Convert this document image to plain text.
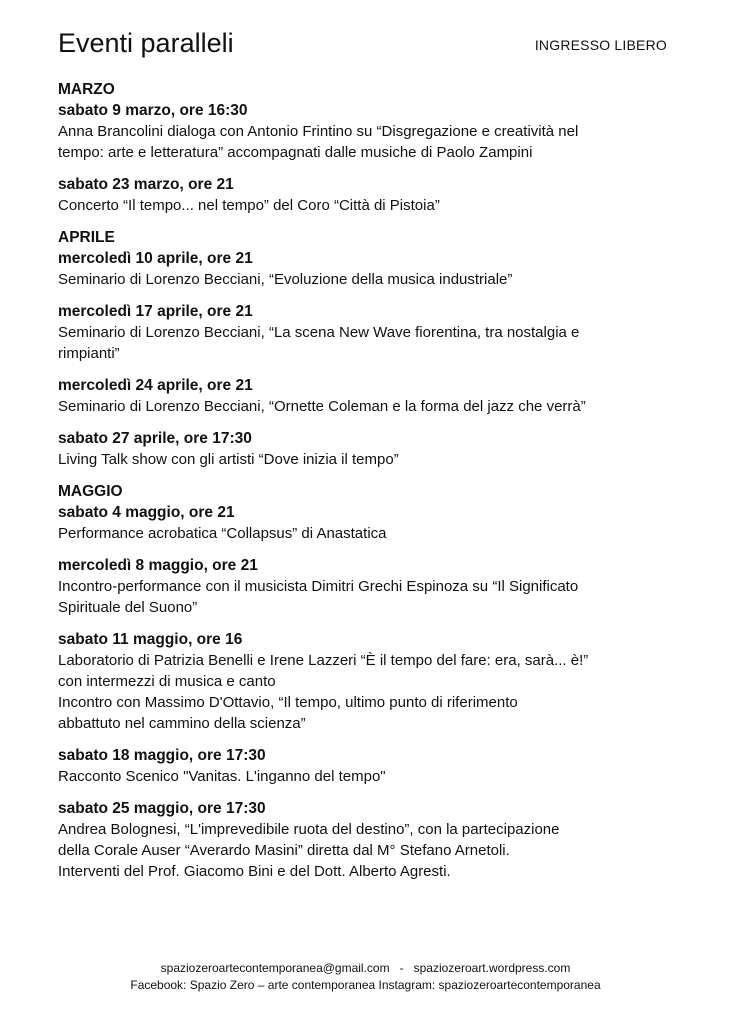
Eventi paralleli	INGRESSO LIBERO
MARZO
sabato 9 marzo, ore 16:30
Anna Brancolini dialoga con Antonio Frintino su “Disgregazione e creatività nel
tempo: arte e letteratura” accompagnati dalle musiche di Paolo Zampini
sabato 23 marzo, ore 21
Concerto “Il tempo... nel tempo” del Coro “Città di Pistoia”
APRILE
mercoledì 10 aprile, ore 21
Seminario di Lorenzo Becciani, “Evoluzione della musica industriale”
mercoledì 17 aprile, ore 21
Seminario di Lorenzo Becciani, “La scena New Wave fiorentina, tra nostalgia e
rimpianti”
mercoledì 24 aprile, ore 21
Seminario di Lorenzo Becciani, “Ornette Coleman e la forma del jazz che verrà”
sabato 27 aprile, ore 17:30
Living Talk show con gli artisti “Dove inizia il tempo”
MAGGIO
sabato 4 maggio, ore 21
Performance acrobatica “Collapsus” di Anastatica
mercoledì 8 maggio, ore 21
Incontro-performance con il musicista Dimitri Grechi Espinoza su “Il Significato
Spirituale del Suono”
sabato 11 maggio, ore 16
Laboratorio di Patrizia Benelli e Irene Lazzeri “È il tempo del fare: era, sarà... è!”
con intermezzi di musica e canto
Incontro con Massimo D'Ottavio, “Il tempo, ultimo punto di riferimento
abbattuto nel cammino della scienza”
sabato 18 maggio, ore 17:30
Racconto Scenico "Vanitas. L'inganno del tempo"
sabato 25 maggio, ore 17:30
Andrea Bolognesi, “L'imprevedibile ruota del destino”, con la partecipazione
della Corale Auser “Averardo Masini” diretta dal M° Stefano Arnetoli.
Interventi del Prof. Giacomo Bini e del Dott. Alberto Agresti.
spaziozeroartecontemporanea@gmail.com - spaziozeroart.wordpress.com
Facebook: Spazio Zero – arte contemporanea Instagram: spaziozeroartecontemporanea
